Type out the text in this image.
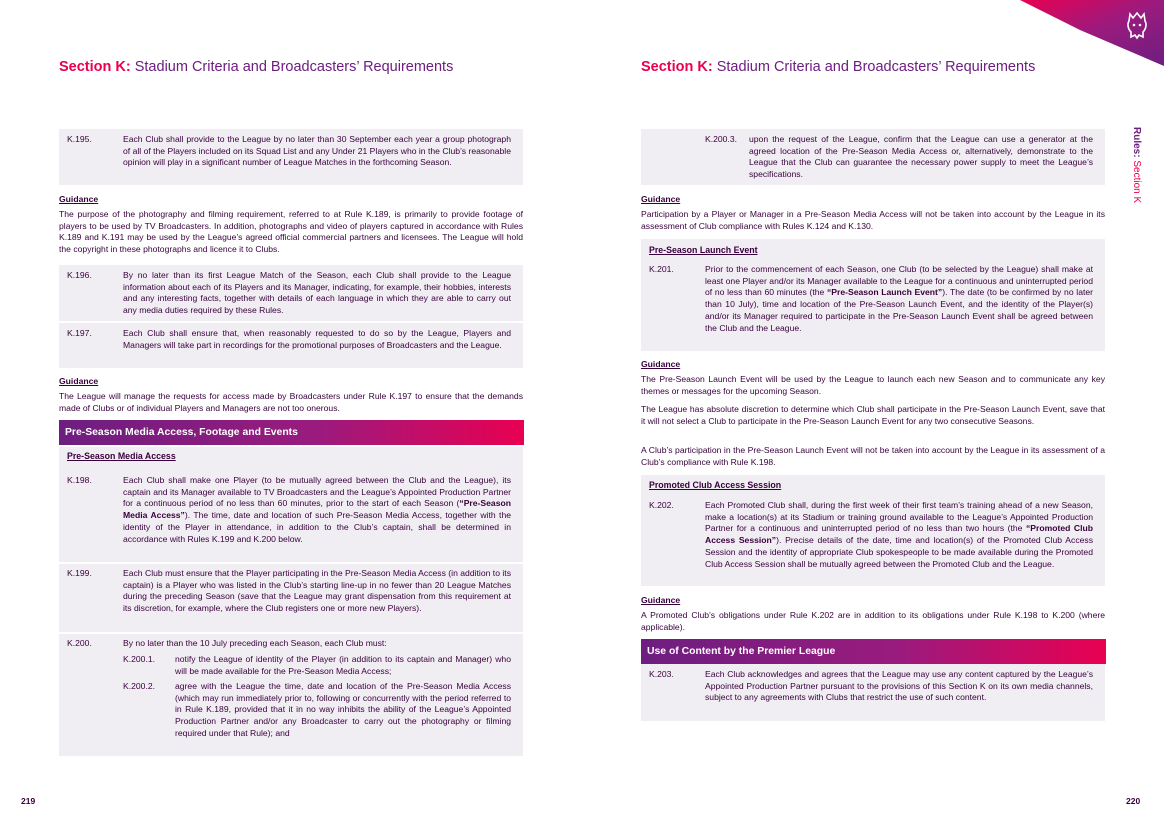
Rules: Section K
Section K: Stadium Criteria and Broadcasters’ Requirements	Section K: Stadium Criteria and Broadcasters’ Requirements
K.195.	Each Club shall provide to the League by no later than 30 September each year a group photograph of all of the Players included on its Squad List and any Under 21 Players who in the Club’s reasonable opinion will play in a significant number of League Matches in the forthcoming Season.
Guidance
The purpose of the photography and filming requirement, referred to at Rule K.189, is primarily to provide footage of players to be used by TV Broadcasters. In addition, photographs and video of players captured in accordance with Rules K.189 and K.191 may be used by the League’s agreed official commercial partners and licensees. The League will hold the copyright in these photographs and licence it to Clubs.
K.196.	By no later than its first League Match of the Season, each Club shall provide to the League information about each of its Players and its Manager, indicating, for example, their hobbies, interests and any interesting facts, together with details of each language in which they are able to carry out any media duties required by these Rules.
K.197.	Each Club shall ensure that, when reasonably requested to do so by the League, Players and Managers will take part in recordings for the promotional purposes of Broadcasters and the League.
Guidance
The League will manage the requests for access made by Broadcasters under Rule K.197 to ensure that the demands made of Clubs or of individual Players and Managers are not too onerous.
Pre-Season Media Access, Footage and Events
Pre-Season Media Access
K.198.	Each Club shall make one Player (to be mutually agreed between the Club and the League), its captain and its Manager available to TV Broadcasters and the League’s Appointed Production Partner for a continuous period of no less than 60 minutes, prior to the start of each Season (“Pre-Season Media Access”). The time, date and location of such Pre-Season Media Access, together with the identity of the Player in attendance, in addition to the Club’s captain, shall be determined in accordance with Rules K.199 and K.200 below.
K.199.	Each Club must ensure that the Player participating in the Pre-Season Media Access (in addition to its captain) is a Player who was listed in the Club’s starting line-up in no fewer than 20 League Matches during the preceding Season (save that the League may grant dispensation from this requirement at its discretion, for example, where the Club registers one or more new Players).
K.200.	By no later than the 10 July preceding each Season, each Club must:
K.200.1. notify the League of identity of the Player (in addition to its captain and Manager) who will be made available for the Pre-Season Media Access;
K.200.2. agree with the League the time, date and location of the Pre-Season Media Access (which may run immediately prior to, following or concurrently with the period referred to in Rule K.189, provided that it in no way inhibits the ability of the League’s Appointed Production Partner and/or any Broadcaster to carry out the photography or filming required under that Rule); and
219
K.200.3. upon the request of the League, confirm that the League can use a generator at the agreed location of the Pre-Season Media Access or, alternatively, demonstrate to the League that the Club can guarantee the necessary power supply to meet the League’s specifications.
Guidance
Participation by a Player or Manager in a Pre-Season Media Access will not be taken into account by the League in its assessment of Club compliance with Rules K.124 and K.130.
Pre-Season Launch Event
K.201.	Prior to the commencement of each Season, one Club (to be selected by the League) shall make at least one Player and/or its Manager available to the League for a continuous and uninterrupted period of no less than 60 minutes (the “Pre-Season Launch Event”). The date (to be confirmed by no later than 10 July), time and location of the Pre-Season Launch Event, and the identity of the Player(s) and/or its Manager required to participate in the Pre-Season Launch Event shall be agreed between the Club and the League.
Guidance
The Pre-Season Launch Event will be used by the League to launch each new Season and to communicate any key themes or messages for the upcoming Season.
The League has absolute discretion to determine which Club shall participate in the Pre-Season Launch Event, save that it will not select a Club to participate in the Pre-Season Launch Event for any two consecutive Seasons.
A Club’s participation in the Pre-Season Launch Event will not be taken into account by the League in its assessment of a Club’s compliance with Rule K.198.
Promoted Club Access Session
K.202.	Each Promoted Club shall, during the first week of their first team’s training ahead of a new Season, make a location(s) at its Stadium or training ground available to the League’s Appointed Production Partner for a continuous and uninterrupted period of no less than two hours (the “Promoted Club Access Session”). Precise details of the date, time and location(s) of the Promoted Club Access Session and the identity of appropriate Club spokespeople to be made available during the Promoted Club Access Session shall be mutually agreed between the Promoted Club and the League.
Guidance
A Promoted Club’s obligations under Rule K.202 are in addition to its obligations under Rule K.198 to K.200 (where applicable).
Use of Content by the Premier League
K.203.	Each Club acknowledges and agrees that the League may use any content captured by the League’s Appointed Production Partner pursuant to the provisions of this Section K on its own media channels, subject to any agreements with Clubs that restrict the use of such content.
220
